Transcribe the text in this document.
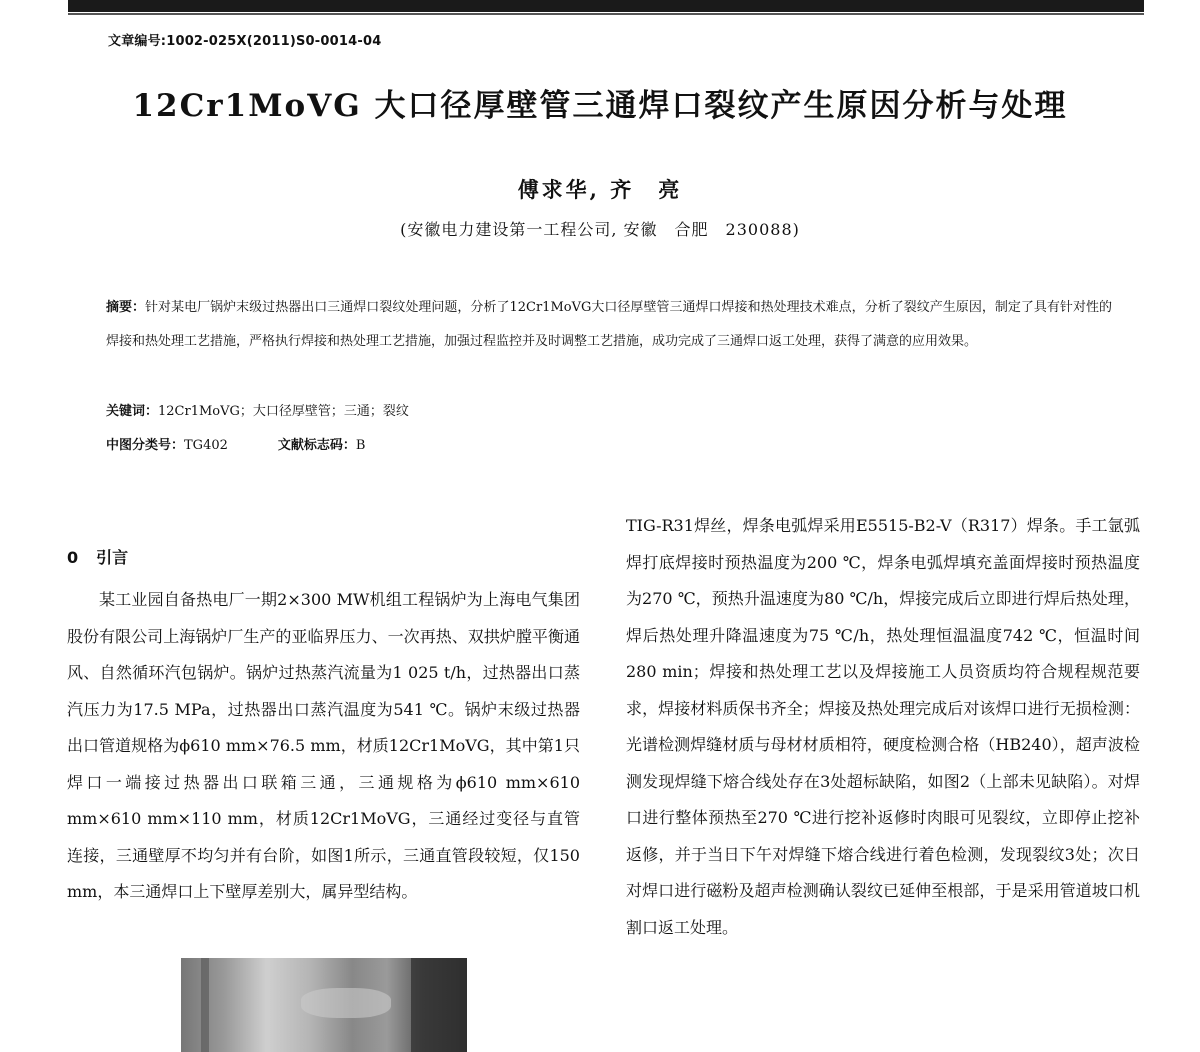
文章编号:1002-025X(2011)S0-0014-04
12Cr1MoVG 大口径厚壁管三通焊口裂纹产生原因分析与处理
傅求华, 齐　亮
(安徽电力建设第一工程公司, 安徽　合肥　230088)
摘要：针对某电厂锅炉末级过热器出口三通焊口裂纹处理问题，分析了12Cr1MoVG大口径厚壁管三通焊口焊接和热处理技术难点，分析了裂纹产生原因，制定了具有针对性的焊接和热处理工艺措施，严格执行焊接和热处理工艺措施，加强过程监控并及时调整工艺措施，成功完成了三通焊口返工处理，获得了满意的应用效果。
关键词：12Cr1MoVG；大口径厚壁管；三通；裂纹
中图分类号：TG402	文献标志码：B
0 引言

某工业园自备热电厂一期2×300 MW机组工程锅炉为上海电气集团股份有限公司上海锅炉厂生产的亚临界压力、一次再热、双拱炉膛平衡通风、自然循环汽包锅炉。锅炉过热蒸汽流量为1 025 t/h，过热器出口蒸汽压力为17.5 MPa，过热器出口蒸汽温度为541 ℃。锅炉末级过热器出口管道规格为ϕ610 mm×76.5 mm，材质12Cr1MoVG，其中第1只焊口一端接过热器出口联箱三通，三通规格为ϕ610 mm×610 mm×610 mm×110 mm，材质12Cr1MoVG，三通经过变径与直管连接，三通壁厚不均匀并有台阶，如图1所示，三通直管段较短，仅150 mm，本三通焊口上下壁厚差别大，属异型结构。

TIG-R31焊丝，焊条电弧焊采用E5515-B2-V（R317）焊条。手工氩弧焊打底焊接时预热温度为200 ℃，焊条电弧焊填充盖面焊接时预热温度为270 ℃，预热升温速度为80 ℃/h，焊接完成后立即进行焊后热处理，焊后热处理升降温速度为75 ℃/h，热处理恒温温度742 ℃，恒温时间280 min；焊接和热处理工艺以及焊接施工人员资质均符合规程规范要求，焊接材料质保书齐全；焊接及热处理完成后对该焊口进行无损检测：光谱检测焊缝材质与母材材质相符，硬度检测合格（HB240），超声波检测发现焊缝下熔合线处存在3处超标缺陷，如图2（上部未见缺陷）。对焊口进行整体预热至270 ℃进行挖补返修时肉眼可见裂纹，立即停止挖补返修，并于当日下午对焊缝下熔合线进行着色检测，发现裂纹3处；次日对焊口进行磁粉及超声检测确认裂纹已延伸至根部，于是采用管道坡口机割口返工处理。
